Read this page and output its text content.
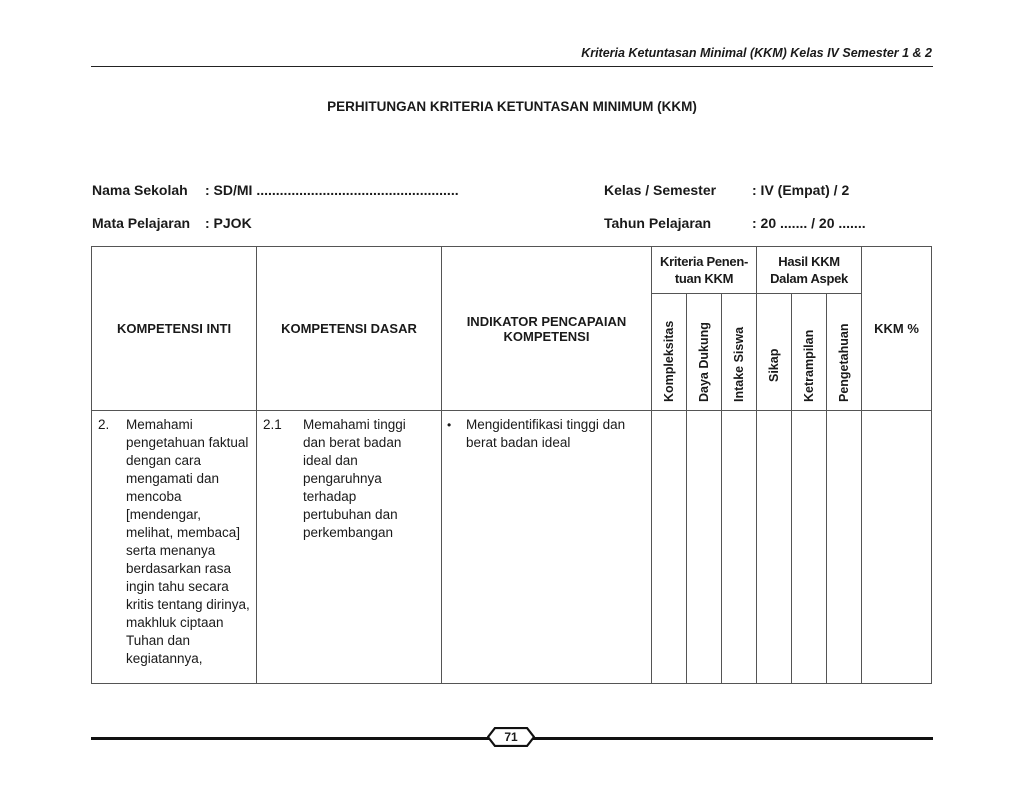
Kriteria Ketuntasan Minimal (KKM) Kelas IV Semester 1 & 2
PERHITUNGAN KRITERIA KETUNTASAN MINIMUM (KKM)
Nama Sekolah : SD/MI ....................................................
Mata Pelajaran : PJOK
Kelas / Semester	: IV (Empat) / 2
Tahun Pelajaran	: 20 ....... / 20 .......
KOMPETENSI INTI	KOMPETENSI DASAR	INDIKATOR PENCAPAIAN KOMPETENSI	Kriteria Penen-tuan KKM			Hasil KKM Dalam Aspek			KKM %

			Kompleksitas	Daya Dukung	Intake Siswa	Sikap	Ketrampilan	Pengetahuan	

2. Memahami pengetahuan faktual dengan cara mengamati dan mencoba [mendengar, melihat, membaca] serta menanya berdasarkan rasa ingin tahu secara kritis tentang dirinya, makhluk ciptaan Tuhan dan kegiatannya,	2.1 Memahami tinggi dan berat badan ideal dan pengaruhnya terhadap pertubuhan dan perkembangan	• Mengidentifikasi tinggi dan berat badan ideal							

71
